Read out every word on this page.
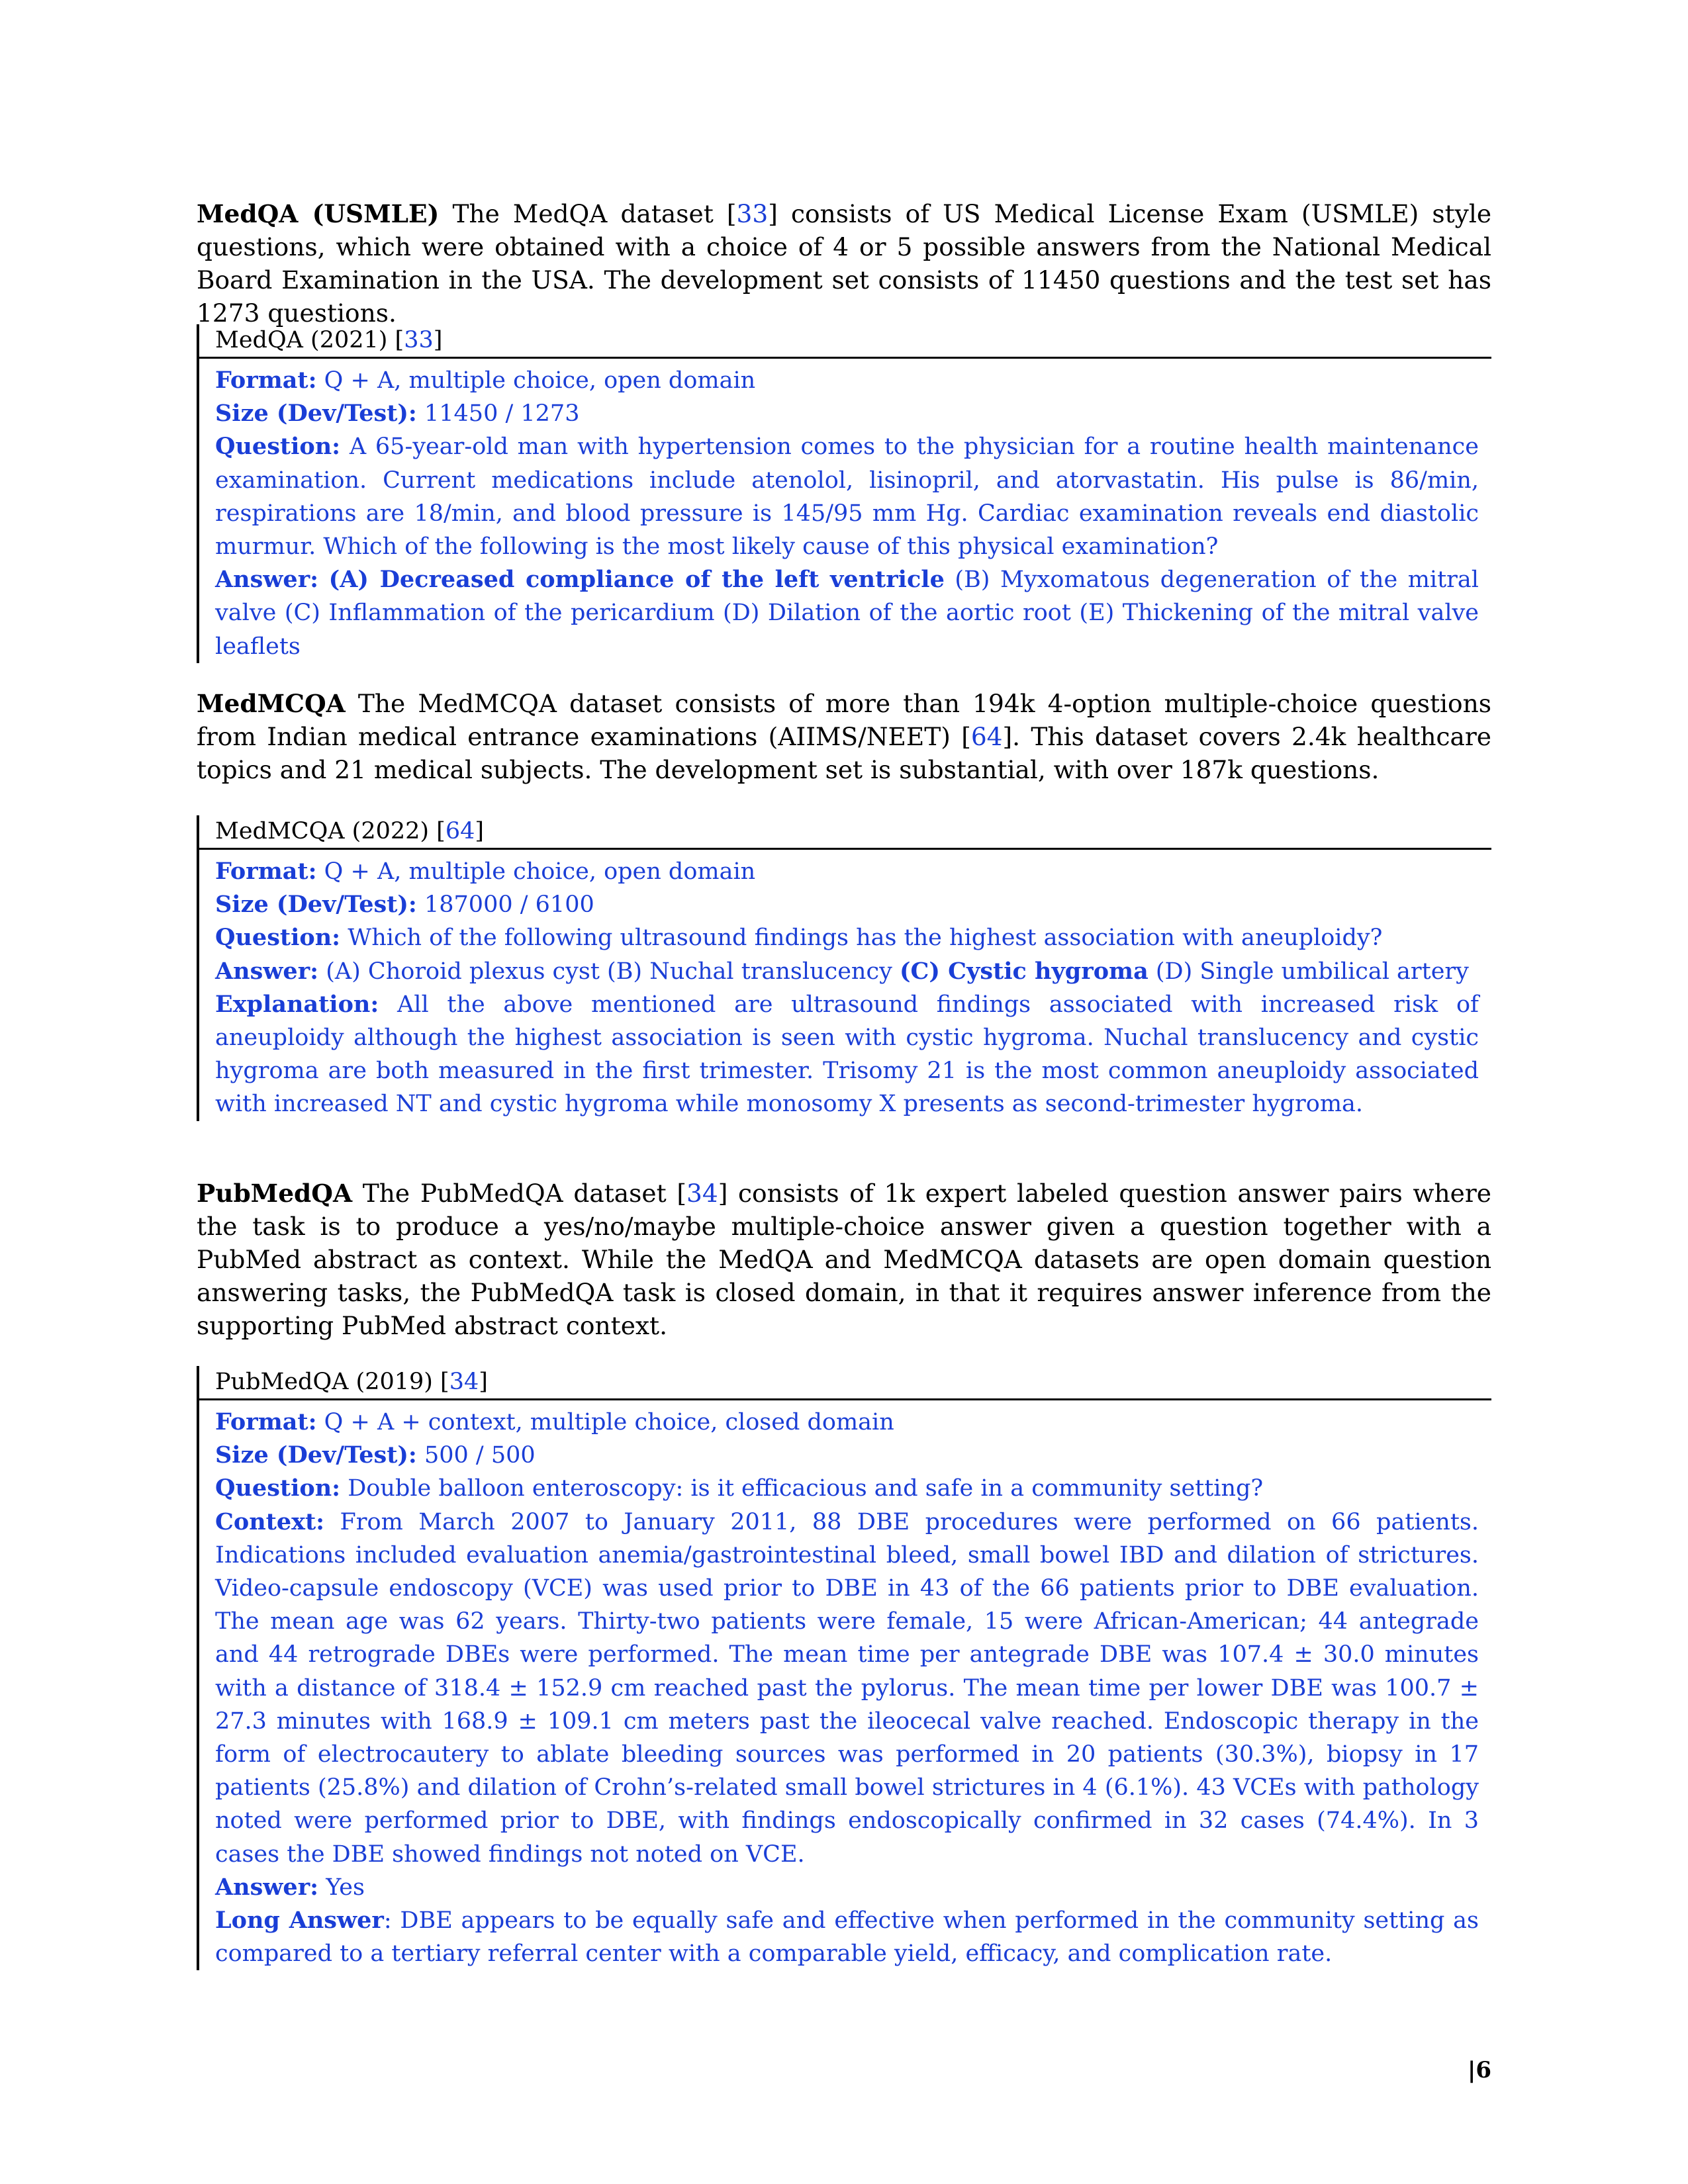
MedQA (USMLE) The MedQA dataset [33] consists of US Medical License Exam (USMLE) style questions, which were obtained with a choice of 4 or 5 possible answers from the National Medical Board Examination in the USA. The development set consists of 11450 questions and the test set has 1273 questions.

MedQA (2021) [33]

Format: Q + A, multiple choice, open domain

Size (Dev/Test): 11450 / 1273

Question: A 65-year-old man with hypertension comes to the physician for a routine health maintenance examination. Current medications include atenolol, lisinopril, and atorvastatin. His pulse is 86/min, respirations are 18/min, and blood pressure is 145/95 mm Hg. Cardiac examination reveals end diastolic murmur. Which of the following is the most likely cause of this physical examination?

Answer: (A) Decreased compliance of the left ventricle (B) Myxomatous degeneration of the mitral valve (C) Inflammation of the pericardium (D) Dilation of the aortic root (E) Thickening of the mitral valve leaflets

MedMCQA The MedMCQA dataset consists of more than 194k 4-option multiple-choice questions from Indian medical entrance examinations (AIIMS/NEET) [64]. This dataset covers 2.4k healthcare topics and 21 medical subjects. The development set is substantial, with over 187k questions.

MedMCQA (2022) [64]

Format: Q + A, multiple choice, open domain

Size (Dev/Test): 187000 / 6100

Question: Which of the following ultrasound findings has the highest association with aneuploidy?

Answer: (A) Choroid plexus cyst (B) Nuchal translucency (C) Cystic hygroma (D) Single umbilical artery

Explanation: All the above mentioned are ultrasound findings associated with increased risk of aneuploidy although the highest association is seen with cystic hygroma. Nuchal translucency and cystic hygroma are both measured in the first trimester. Trisomy 21 is the most common aneuploidy associated with increased NT and cystic hygroma while monosomy X presents as second-trimester hygroma.

PubMedQA The PubMedQA dataset [34] consists of 1k expert labeled question answer pairs where the task is to produce a yes/no/maybe multiple-choice answer given a question together with a PubMed abstract as context. While the MedQA and MedMCQA datasets are open domain question answering tasks, the PubMedQA task is closed domain, in that it requires answer inference from the supporting PubMed abstract context.

PubMedQA (2019) [34]

Format: Q + A + context, multiple choice, closed domain

Size (Dev/Test): 500 / 500

Question: Double balloon enteroscopy: is it efficacious and safe in a community setting?

Context: From March 2007 to January 2011, 88 DBE procedures were performed on 66 patients. Indications included evaluation anemia/gastrointestinal bleed, small bowel IBD and dilation of strictures. Video-capsule endoscopy (VCE) was used prior to DBE in 43 of the 66 patients prior to DBE evaluation. The mean age was 62 years. Thirty-two patients were female, 15 were African-American; 44 antegrade and 44 retrograde DBEs were performed. The mean time per antegrade DBE was 107.4 ± 30.0 minutes with a distance of 318.4 ± 152.9 cm reached past the pylorus. The mean time per lower DBE was 100.7 ± 27.3 minutes with 168.9 ± 109.1 cm meters past the ileocecal valve reached. Endoscopic therapy in the form of electrocautery to ablate bleeding sources was performed in 20 patients (30.3%), biopsy in 17 patients (25.8%) and dilation of Crohn’s-related small bowel strictures in 4 (6.1%). 43 VCEs with pathology noted were performed prior to DBE, with findings endoscopically confirmed in 32 cases (74.4%). In 3 cases the DBE showed findings not noted on VCE.

Answer: Yes

Long Answer: DBE appears to be equally safe and effective when performed in the community setting as compared to a tertiary referral center with a comparable yield, efficacy, and complication rate.

|6
